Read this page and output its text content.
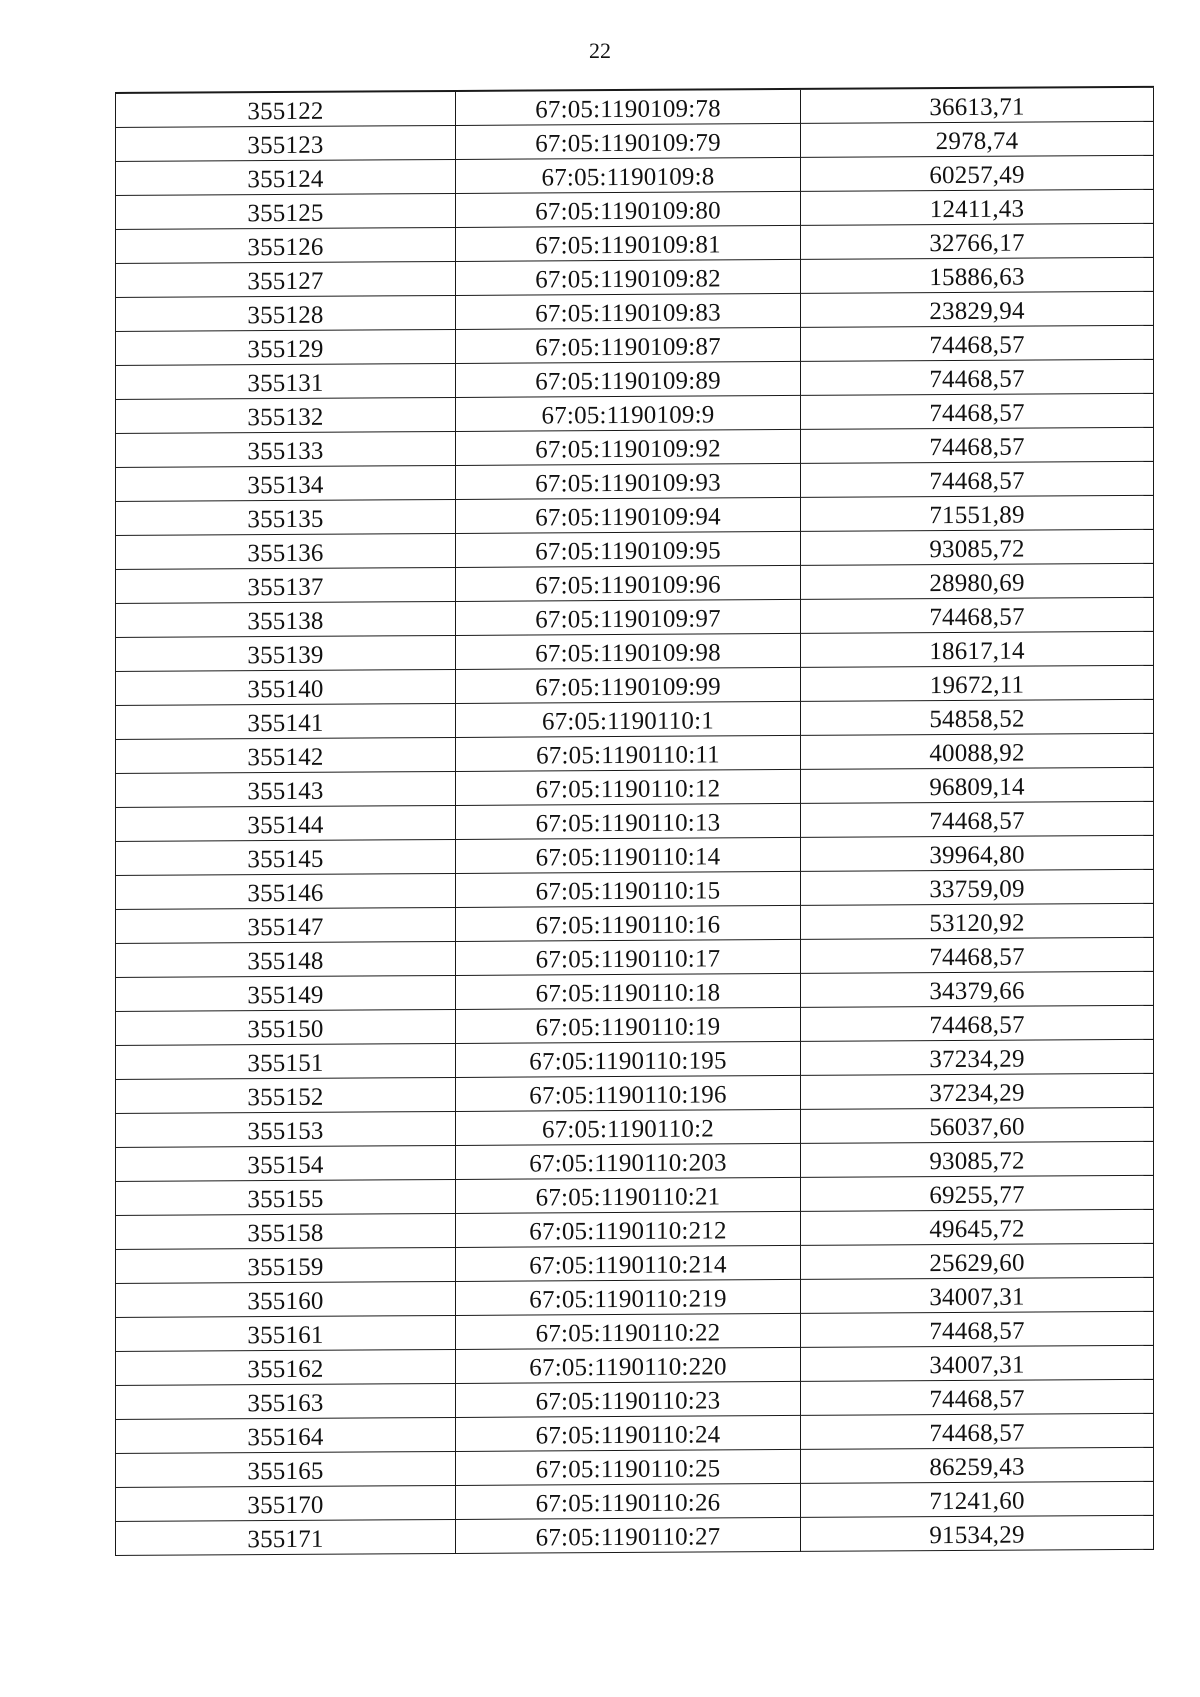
22
355122	67:05:1190109:78	36613,71
355123	67:05:1190109:79	2978,74
355124	67:05:1190109:8	60257,49
355125	67:05:1190109:80	12411,43
355126	67:05:1190109:81	32766,17
355127	67:05:1190109:82	15886,63
355128	67:05:1190109:83	23829,94
355129	67:05:1190109:87	74468,57
355131	67:05:1190109:89	74468,57
355132	67:05:1190109:9	74468,57
355133	67:05:1190109:92	74468,57
355134	67:05:1190109:93	74468,57
355135	67:05:1190109:94	71551,89
355136	67:05:1190109:95	93085,72
355137	67:05:1190109:96	28980,69
355138	67:05:1190109:97	74468,57
355139	67:05:1190109:98	18617,14
355140	67:05:1190109:99	19672,11
355141	67:05:1190110:1	54858,52
355142	67:05:1190110:11	40088,92
355143	67:05:1190110:12	96809,14
355144	67:05:1190110:13	74468,57
355145	67:05:1190110:14	39964,80
355146	67:05:1190110:15	33759,09
355147	67:05:1190110:16	53120,92
355148	67:05:1190110:17	74468,57
355149	67:05:1190110:18	34379,66
355150	67:05:1190110:19	74468,57
355151	67:05:1190110:195	37234,29
355152	67:05:1190110:196	37234,29
355153	67:05:1190110:2	56037,60
355154	67:05:1190110:203	93085,72
355155	67:05:1190110:21	69255,77
355158	67:05:1190110:212	49645,72
355159	67:05:1190110:214	25629,60
355160	67:05:1190110:219	34007,31
355161	67:05:1190110:22	74468,57
355162	67:05:1190110:220	34007,31
355163	67:05:1190110:23	74468,57
355164	67:05:1190110:24	74468,57
355165	67:05:1190110:25	86259,43
355170	67:05:1190110:26	71241,60
355171	67:05:1190110:27	91534,29
